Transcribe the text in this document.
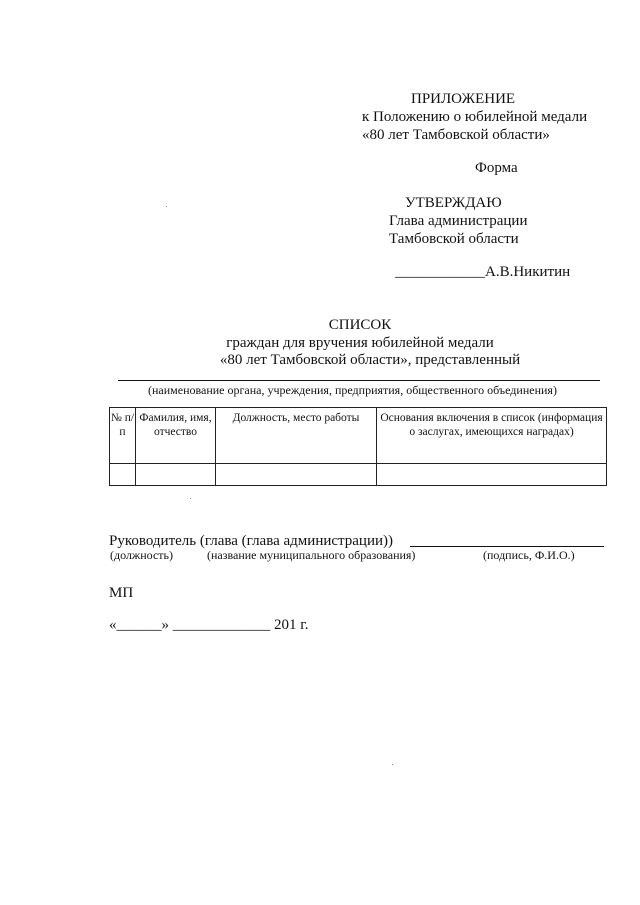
ПРИЛОЖЕНИЕ
к Положению о юбилейной медали
«80 лет Тамбовской области»
Форма
УТВЕРЖДАЮ
Глава администрации
Тамбовской области
____________А.В.Никитин
СПИСОК
граждан для вручения юбилейной медали
«80 лет Тамбовской области», представленный
(наименование органа, учреждения, предприятия, общественного объединения)
№ п/п	Фамилия, имя, отчество	Должность, место работы	Основания включения в список (информация о заслугах, имеющихся наградах)

Руководитель (глава (глава администрации))
(должность)	(название муниципального образования)	(подпись, Ф.И.О.)
МП
«______» _____________ 201 г.
